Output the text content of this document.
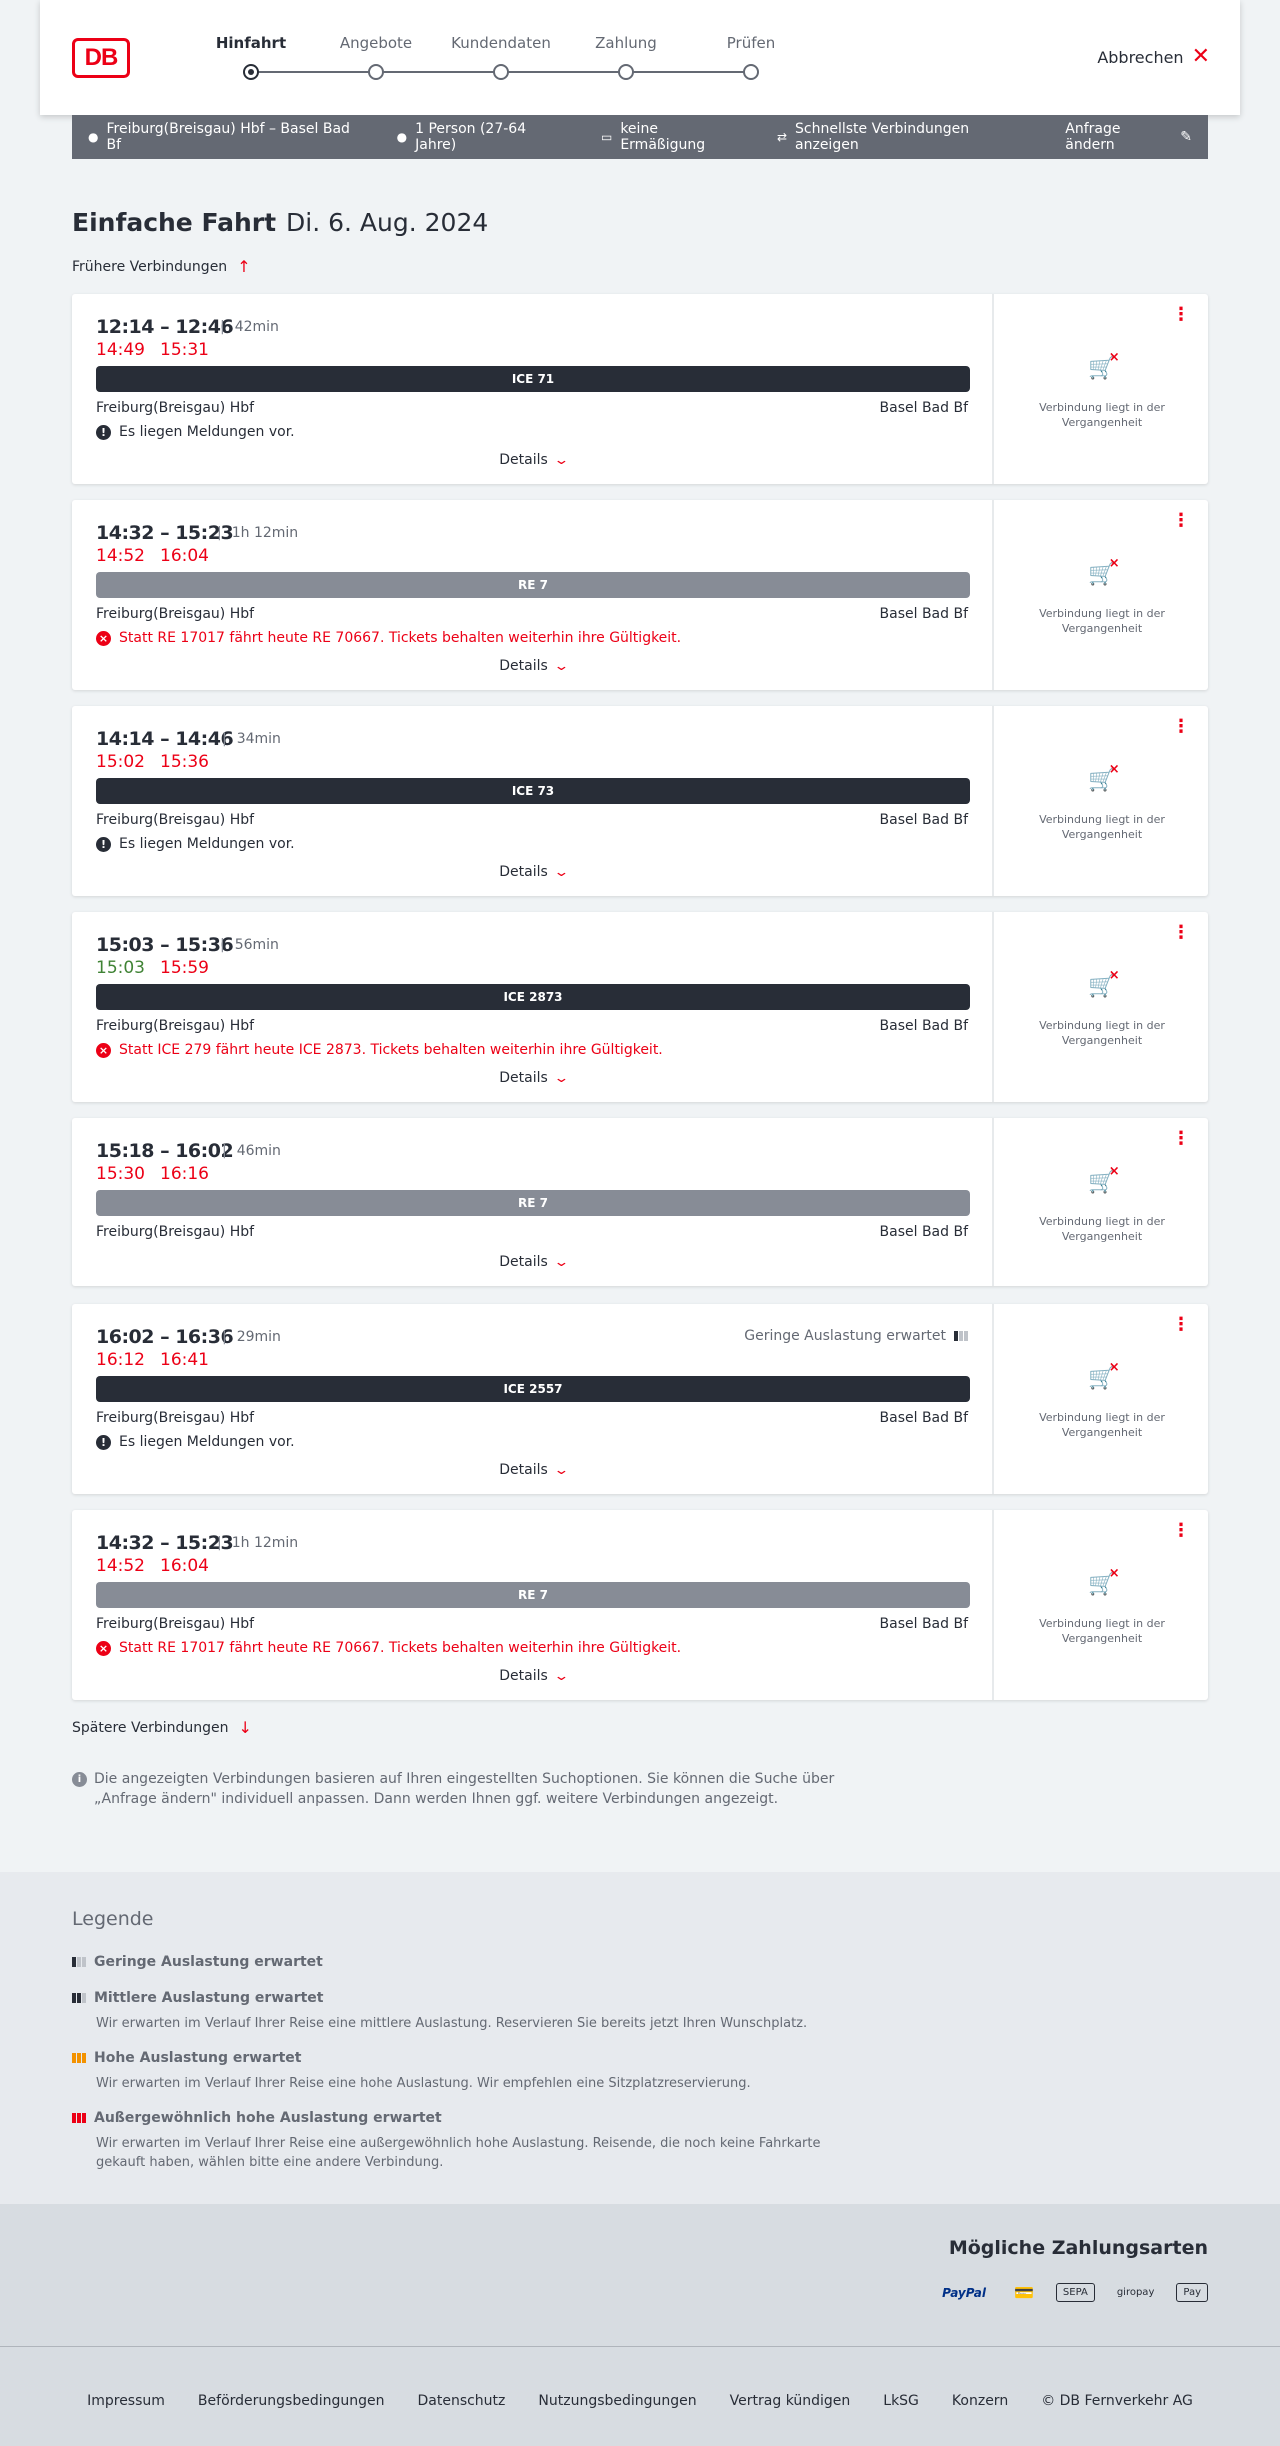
DB
Hinfahrt	Angebote	Kundendaten	Zahlung	Prüfen
Abbrechen ✕
● Freiburg(Breisgau) Hbf – Basel Bad Bf	● 1 Person (27-64 Jahre)	▭ keine Ermäßigung	⇄ Schnellste Verbindungen anzeigen
Anfrage ändern	✎
Einfache Fahrt Di. 6. Aug. 2024
Frühere Verbindungen ↑
12:14 – 12:46 | 42min
14:49 15:31
ICE 71
Freiburg(Breisgau) Hbf	Basel Bad Bf
! Es liegen Meldungen vor.
Details ⌄
⋮
🛒 ×
Verbindung liegt in der Vergangenheit
14:32 – 15:23
| 1h 12min
14:52 16:04
RE 7
Freiburg(Breisgau) Hbf	Basel Bad Bf
× Statt RE 17017 fährt heute RE 70667. Tickets behalten weiterhin ihre Gültigkeit.
Details ⌄
⋮
🛒 ×
Verbindung liegt in der Vergangenheit
14:14 – 14:46 | 34min
15:02 15:36
ICE 73
Freiburg(Breisgau) Hbf	Basel Bad Bf
! Es liegen Meldungen vor.
Details ⌄
⋮
🛒 ×
Verbindung liegt in der Vergangenheit
15:03 – 15:36 | 56min
15:03 15:59
ICE 2873
Freiburg(Breisgau) Hbf	Basel Bad Bf
× Statt ICE 279 fährt heute ICE 2873. Tickets behalten weiterhin ihre Gültigkeit.
Details ⌄
⋮
🛒 ×
Verbindung liegt in der Vergangenheit
15:18 – 16:02 | 46min
15:30 16:16
RE 7
Freiburg(Breisgau) Hbf	Basel Bad Bf
Details ⌄
⋮
🛒 ×
Verbindung liegt in der Vergangenheit
16:02 – 16:36 | 29min	Geringe Auslastung erwartet
16:12 16:41
ICE 2557
Freiburg(Breisgau) Hbf	Basel Bad Bf
! Es liegen Meldungen vor.
Details ⌄
⋮
🛒 ×
Verbindung liegt in der Vergangenheit
14:32 – 15:23
| 1h 12min
14:52 16:04
RE 7
Freiburg(Breisgau) Hbf	Basel Bad Bf
× Statt RE 17017 fährt heute RE 70667. Tickets behalten weiterhin ihre Gültigkeit.
Details ⌄
⋮
🛒 ×
Verbindung liegt in der Vergangenheit
Spätere Verbindungen ↓
i Die angezeigten Verbindungen basieren auf Ihren eingestellten Suchoptionen. Sie können die Suche über „Anfrage ändern" individuell anpassen. Dann werden Ihnen ggf. weitere Verbindungen angezeigt.
Legende
Geringe Auslastung erwartet
Mittlere Auslastung erwartet
Wir erwarten im Verlauf Ihrer Reise eine mittlere Auslastung. Reservieren Sie bereits jetzt Ihren Wunschplatz.
Hohe Auslastung erwartet
Wir erwarten im Verlauf Ihrer Reise eine hohe Auslastung. Wir empfehlen eine Sitzplatzreservierung.
Außergewöhnlich hohe Auslastung erwartet
Wir erwarten im Verlauf Ihrer Reise eine außergewöhnlich hohe Auslastung. Reisende, die noch keine Fahrkarte gekauft haben, wählen bitte eine andere Verbindung.
Mögliche Zahlungsarten
PayPal	💳	SEPA	giropay	Pay
Impressum Beförderungsbedingungen Datenschutz Nutzungsbedingungen Vertrag kündigen LkSG Konzern © DB Fernverkehr AG
